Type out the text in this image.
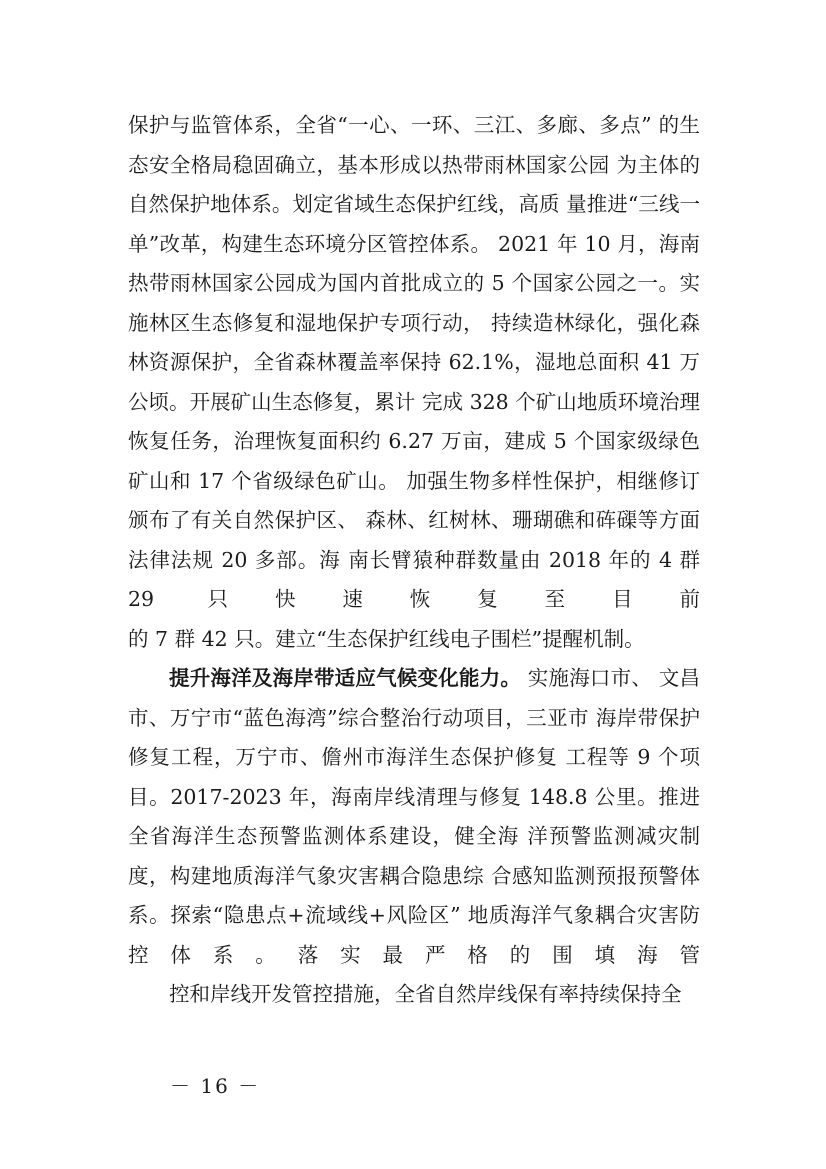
保护与监管体系，全省“一心、一环、三江、多廊、多点” 的生态安全格局稳固确立，基本形成以热带雨林国家公园 为主体的自然保护地体系。划定省域生态保护红线，高质 量推进“三线一单”改革，构建生态环境分区管控体系。 2021 年 10 月，海南热带雨林国家公园成为国内首批成立的 5 个国家公园之一。实施林区生态修复和湿地保护专项行动， 持续造林绿化，强化森林资源保护，全省森林覆盖率保持 62.1%，湿地总面积 41 万公顷。开展矿山生态修复，累计 完成 328 个矿山地质环境治理恢复任务，治理恢复面积约 6.27 万亩，建成 5 个国家级绿色矿山和 17 个省级绿色矿山。 加强生物多样性保护，相继修订颁布了有关自然保护区、 森林、红树林、珊瑚礁和砗磲等方面法律法规 20 多部。海 南长臂猿种群数量由 2018 年的 4 群 29 只快速恢复至目前
的 7 群 42 只。建立“生态保护红线电子围栏”提醒机制。

提升海洋及海岸带适应气候变化能力。 实施海口市、 文昌市、万宁市“蓝色海湾”综合整治行动项目，三亚市 海岸带保护修复工程，万宁市、儋州市海洋生态保护修复 工程等 9 个项目。2017-2023 年，海南岸线清理与修复 148.8 公里。推进全省海洋生态预警监测体系建设，健全海 洋预警监测减灾制度，构建地质海洋气象灾害耦合隐患综 合感知监测预报预警体系。探索“隐患点+流域线+风险区” 地质海洋气象耦合灾害防控体系。落实最严格的围填海管
控和岸线开发管控措施，全省自然岸线保有率持续保持全

－ 16 －
